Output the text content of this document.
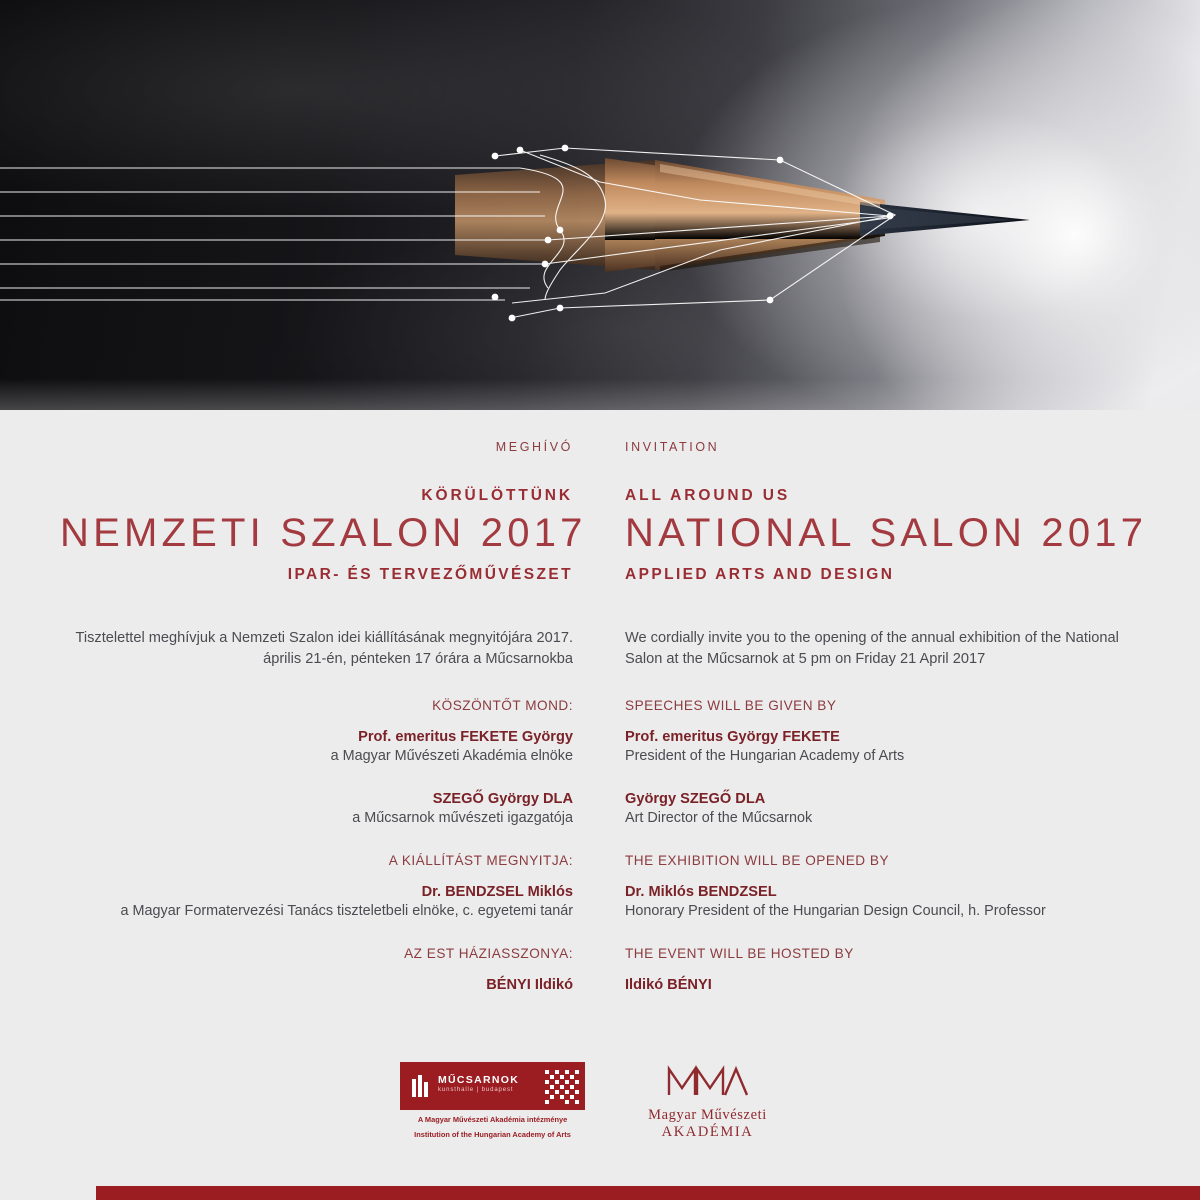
MEGHÍVÓ
KÖRÜLÖTTÜNK
NEMZETI SZALON 2017
IPAR- ÉS TERVEZŐMŰVÉSZET

Tisztelettel meghívjuk a Nemzeti Szalon idei kiállításának megnyitójára 2017. április 21-én, pénteken 17 órára a Műcsarnokba

KÖSZÖNTŐT MOND:
Prof. emeritus FEKETE György
a Magyar Művészeti Akadémia elnöke
SZEGŐ György DLA
a Műcsarnok művészeti igazgatója
A KIÁLLÍTÁST MEGNYITJA:
Dr. BENDZSEL Miklós
a Magyar Formatervezési Tanács tiszteletbeli elnöke, c. egyetemi tanár
AZ EST HÁZIASSZONYA:
BÉNYI Ildikó
INVITATION
ALL AROUND US
NATIONAL SALON 2017
APPLIED ARTS AND DESIGN

We cordially invite you to the opening of the annual exhibition of the National Salon at the Műcsarnok at 5 pm on Friday 21 April 2017

SPEECHES WILL BE GIVEN BY
Prof. emeritus György FEKETE
President of the Hungarian Academy of Arts
György SZEGŐ DLA
Art Director of the Műcsarnok
THE EXHIBITION WILL BE OPENED BY
Dr. Miklós BENDZSEL
Honorary President of the Hungarian Design Council, h. Professor
THE EVENT WILL BE HOSTED BY
Ildikó BÉNYI
MŰCSARNOK
kunsthalle | budapest
A Magyar Művészeti Akadémia intézménye
Institution of the Hungarian Academy of Arts
Magyar Művészeti
AKADÉMIA
